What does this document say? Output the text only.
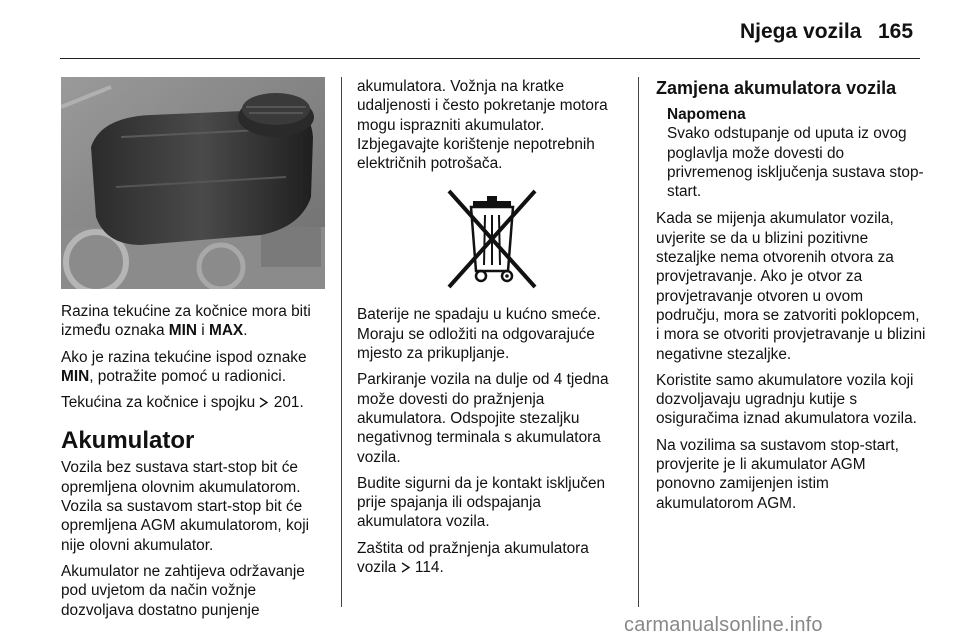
Njega vozila 165

Razina tekućine za kočnice mora biti između oznaka MIN i MAX.

Ako je razina tekućine ispod oznake MIN, potražite pomoć u radionici.

Tekućina za kočnice i spojku  201.

Akumulator

Vozila bez sustava start-stop bit će opremljena olovnim akumulatorom. Vozila sa sustavom start-stop bit će opremljena AGM akumulatorom, koji nije olovni akumulator.

Akumulator ne zahtijeva održavanje pod uvjetom da način vožnje dozvoljava dostatno punjenje

akumulatora. Vožnja na kratke udaljenosti i često pokretanje motora mogu isprazniti akumulator. Izbjegavajte korištenje nepotrebnih električnih potrošača.

Baterije ne spadaju u kućno smeće. Moraju se odložiti na odgovarajuće mjesto za prikupljanje.

Parkiranje vozila na dulje od 4 tjedna može dovesti do pražnjenja akumulatora. Odspojite stezaljku negativnog terminala s akumulatora vozila.

Budite sigurni da je kontakt isključen prije spajanja ili odspajanja akumulatora vozila.

Zaštita od pražnjenja akumulatora vozila  114.

Zamjena akumulatora vozila
Napomena
Svako odstupanje od uputa iz ovog poglavlja može dovesti do privremenog isključenja sustava stop-start.

Kada se mijenja akumulator vozila, uvjerite se da u blizini pozitivne stezaljke nema otvorenih otvora za provjetravanje. Ako je otvor za provjetravanje otvoren u ovom području, mora se zatvoriti poklopcem, i mora se otvoriti provjetravanje u blizini negativne stezaljke.

Koristite samo akumulatore vozila koji dozvoljavaju ugradnju kutije s osiguračima iznad akumulatora vozila.

Na vozilima sa sustavom stop-start, provjerite je li akumulator AGM ponovno zamijenjen istim akumulatorom AGM.

carmanualsonline.info
